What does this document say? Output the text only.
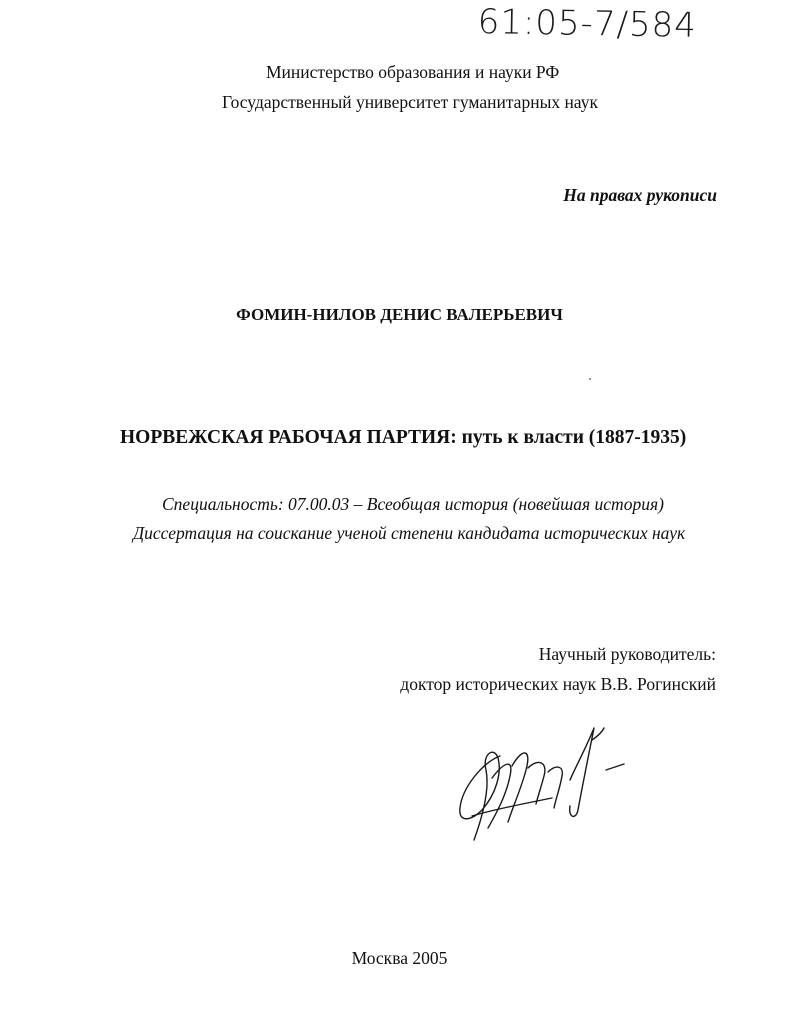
61:05-7/584
Министерство образования и науки РФ
Государственный университет гуманитарных наук
На правах рукописи
ФОМИН-НИЛОВ ДЕНИС ВАЛЕРЬЕВИЧ
НОРВЕЖСКАЯ РАБОЧАЯ ПАРТИЯ: путь к власти (1887-1935)
Специальность: 07.00.03 – Всеобщая история (новейшая история)
Диссертация на соискание ученой степени кандидата исторических наук
Научный руководитель:
доктор исторических наук В.В. Рогинский
Москва 2005
